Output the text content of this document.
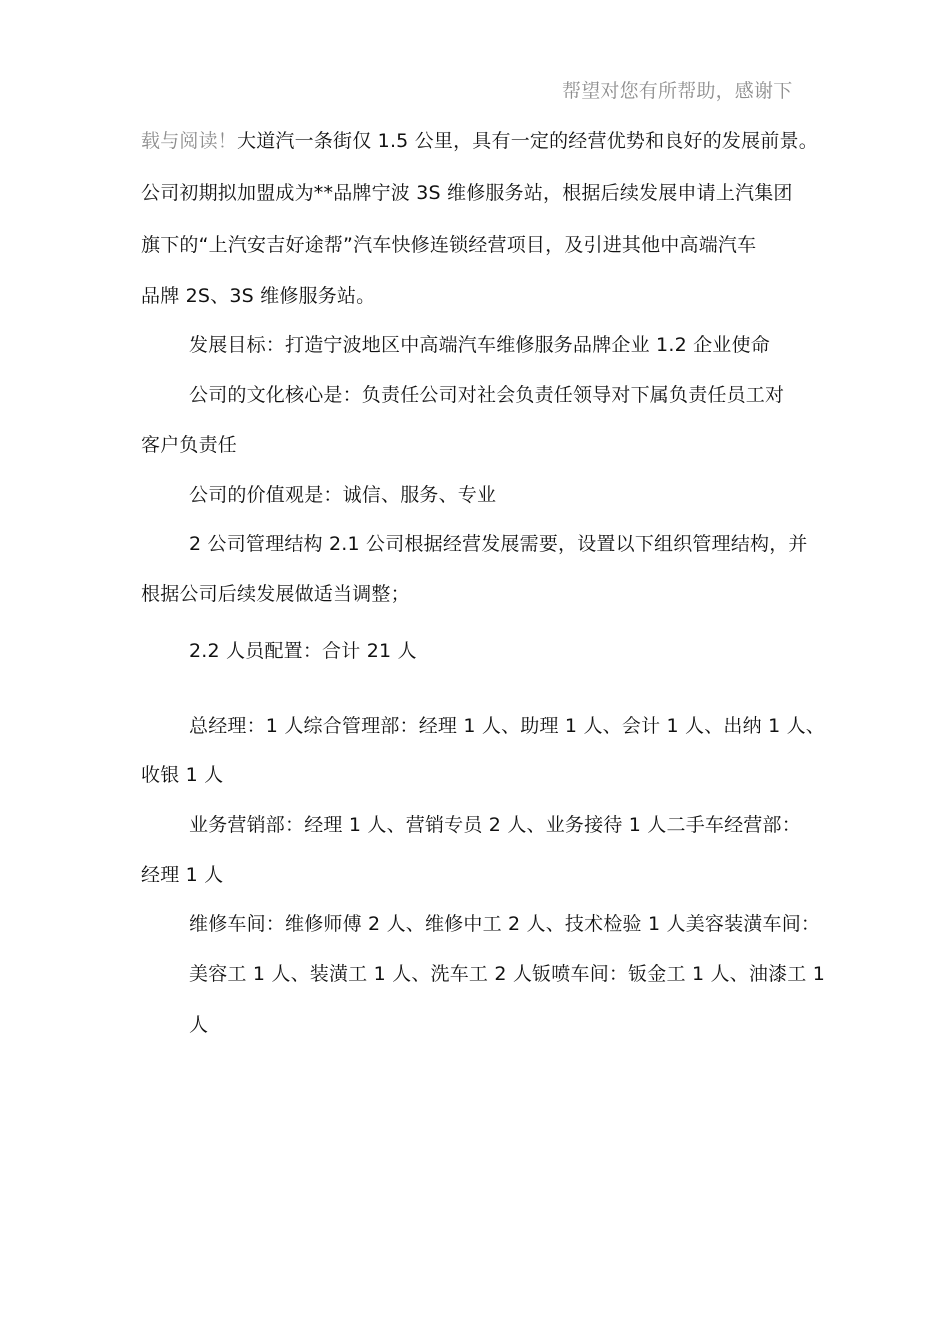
帮望对您有所帮助，感谢下
载与阅读！大道汽一条街仅 1.5 公里，具有一定的经营优势和良好的发展前景。
公司初期拟加盟成为**品牌宁波 3S 维修服务站，根据后续发展申请上汽集团
旗下的“上汽安吉好途帮”汽车快修连锁经营项目，及引进其他中高端汽车
品牌 2S、3S 维修服务站。
发展目标：打造宁波地区中高端汽车维修服务品牌企业 1.2 企业使命
公司的文化核心是：负责任公司对社会负责任领导对下属负责任员工对
客户负责任
公司的价值观是：诚信、服务、专业
2 公司管理结构 2.1 公司根据经营发展需要，设置以下组织管理结构，并
根据公司后续发展做适当调整；
2.2 人员配置：合计 21 人
总经理：1 人综合管理部：经理 1 人、助理 1 人、会计 1 人、出纳 1 人、
收银 1 人
业务营销部：经理 1 人、营销专员 2 人、业务接待 1 人二手车经营部：
经理 1 人
维修车间：维修师傅 2 人、维修中工 2 人、技术检验 1 人美容装潢车间：
美容工 1 人、装潢工 1 人、洗车工 2 人钣喷车间：钣金工 1 人、油漆工 1
人
